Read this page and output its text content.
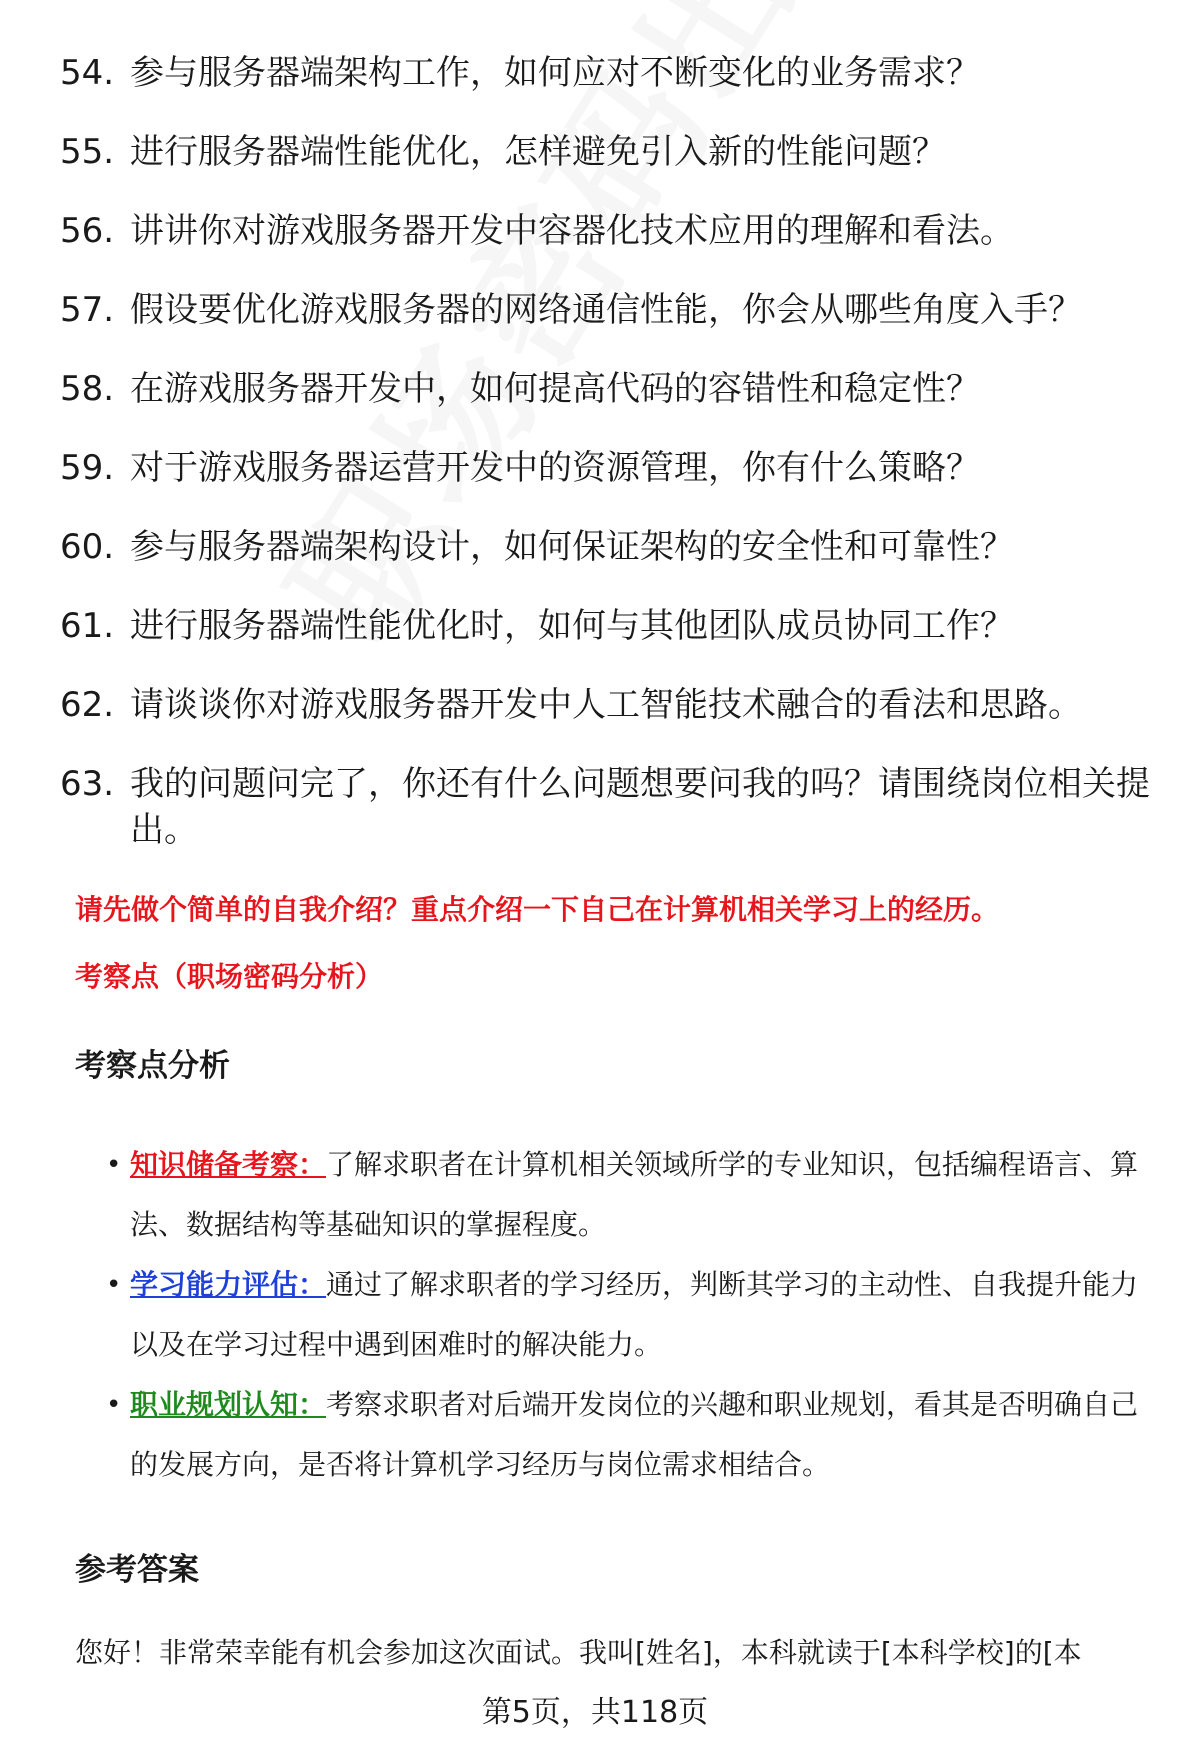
54. 参与服务器端架构工作，如何应对不断变化的业务需求？
55. 进行服务器端性能优化，怎样避免引入新的性能问题？
56. 讲讲你对游戏服务器开发中容器化技术应用的理解和看法。
57. 假设要优化游戏服务器的网络通信性能，你会从哪些角度入手？
58. 在游戏服务器开发中，如何提高代码的容错性和稳定性？
59. 对于游戏服务器运营开发中的资源管理，你有什么策略？
60. 参与服务器端架构设计，如何保证架构的安全性和可靠性？
61. 进行服务器端性能优化时，如何与其他团队成员协同工作？
62. 请谈谈你对游戏服务器开发中人工智能技术融合的看法和思路。
63. 我的问题问完了，你还有什么问题想要问我的吗？请围绕岗位相关提出。
请先做个简单的自我介绍？重点介绍一下自己在计算机相关学习上的经历。
考察点（职场密码分析）
考察点分析
• 知识储备考察：了解求职者在计算机相关领域所学的专业知识，包括编程语言、算法、数据结构等基础知识的掌握程度。
• 学习能力评估：通过了解求职者的学习经历，判断其学习的主动性、自我提升能力以及在学习过程中遇到困难时的解决能力。
• 职业规划认知：考察求职者对后端开发岗位的兴趣和职业规划，看其是否明确自己的发展方向，是否将计算机学习经历与岗位需求相结合。
参考答案
您好！非常荣幸能有机会参加这次面试。我叫[姓名]，本科就读于[本科学校]的[本
第5页，共118页
